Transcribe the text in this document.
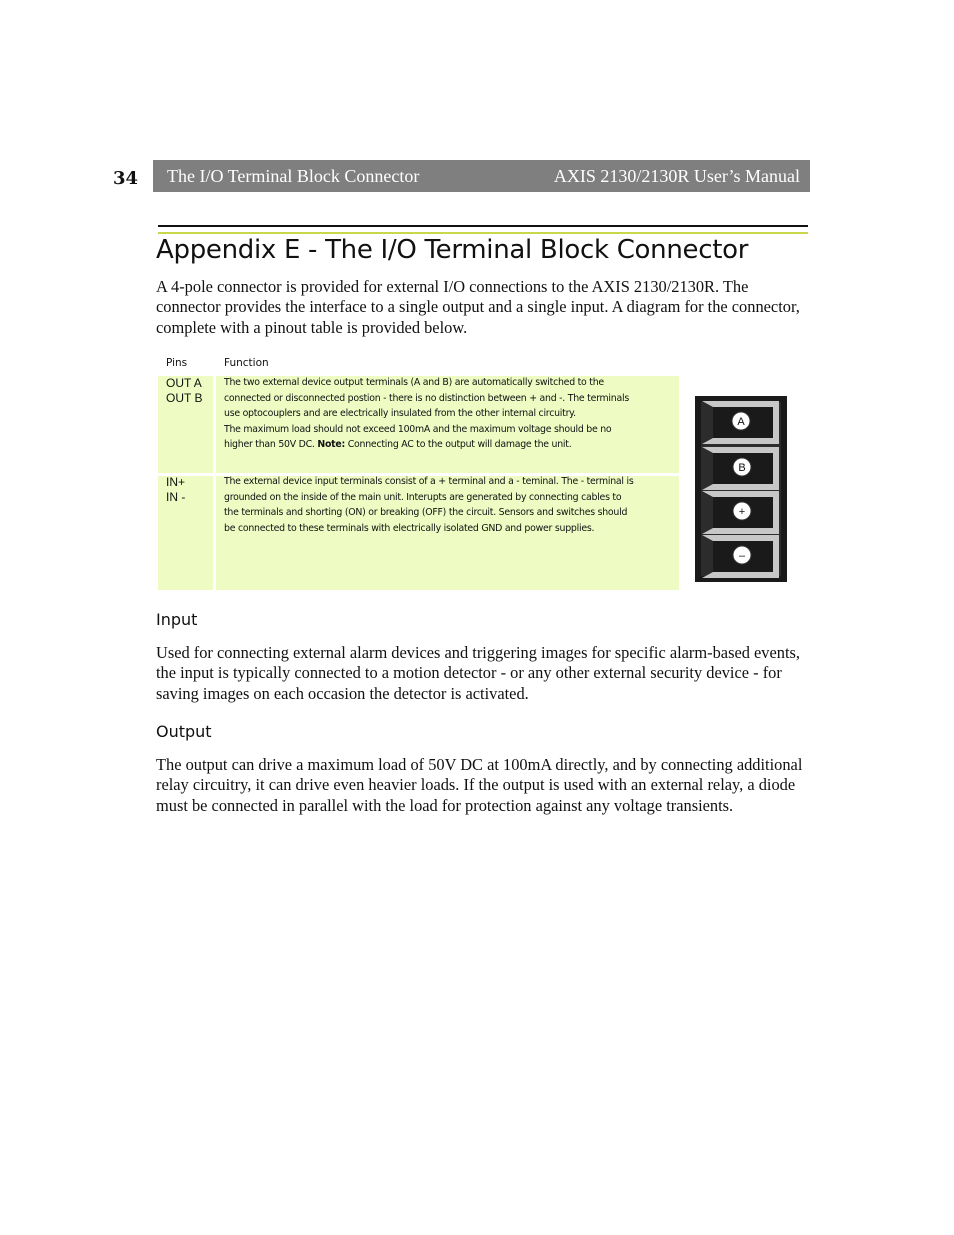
34 The I/O Terminal Block Connector	AXIS 2130/2130R User’s Manual
Appendix E - The I/O Terminal Block Connector

A 4-pole connector is provided for external I/O connections to the AXIS 2130/2130R. The connector provides the interface to a single output and a single input. A diagram for the connector, complete with a pinout table is provided below.

Pins	Function
OUT A
OUT B
The two external device output terminals (A and B) are automatically switched to the
connected or disconnected postion - there is no distinction between + and -. The terminals
use optocouplers and are electrically insulated from the other internal circuitry.
The maximum load should not exceed 100mA and the maximum voltage should be no
higher than 50V DC. Note: Connecting AC to the output will damage the unit.
IN+
IN -
The external device input terminals consist of a + terminal and a - teminal. The - terminal is
grounded on the inside of the main unit. Interupts are generated by connecting cables to
the terminals and shorting (ON) or breaking (OFF) the circuit. Sensors and switches should
be connected to these terminals with electrically isolated GND and power supplies.
A
B
+
–
Input

Used for connecting external alarm devices and triggering images for specific alarm-based events, the input is typically connected to a motion detector - or any other external security device - for saving images on each occasion the detector is activated.

Output

The output can drive a maximum load of 50V DC at 100mA directly, and by connecting additional relay circuitry, it can drive even heavier loads. If the output is used with an external relay, a diode must be connected in parallel with the load for protection against any voltage transients.
